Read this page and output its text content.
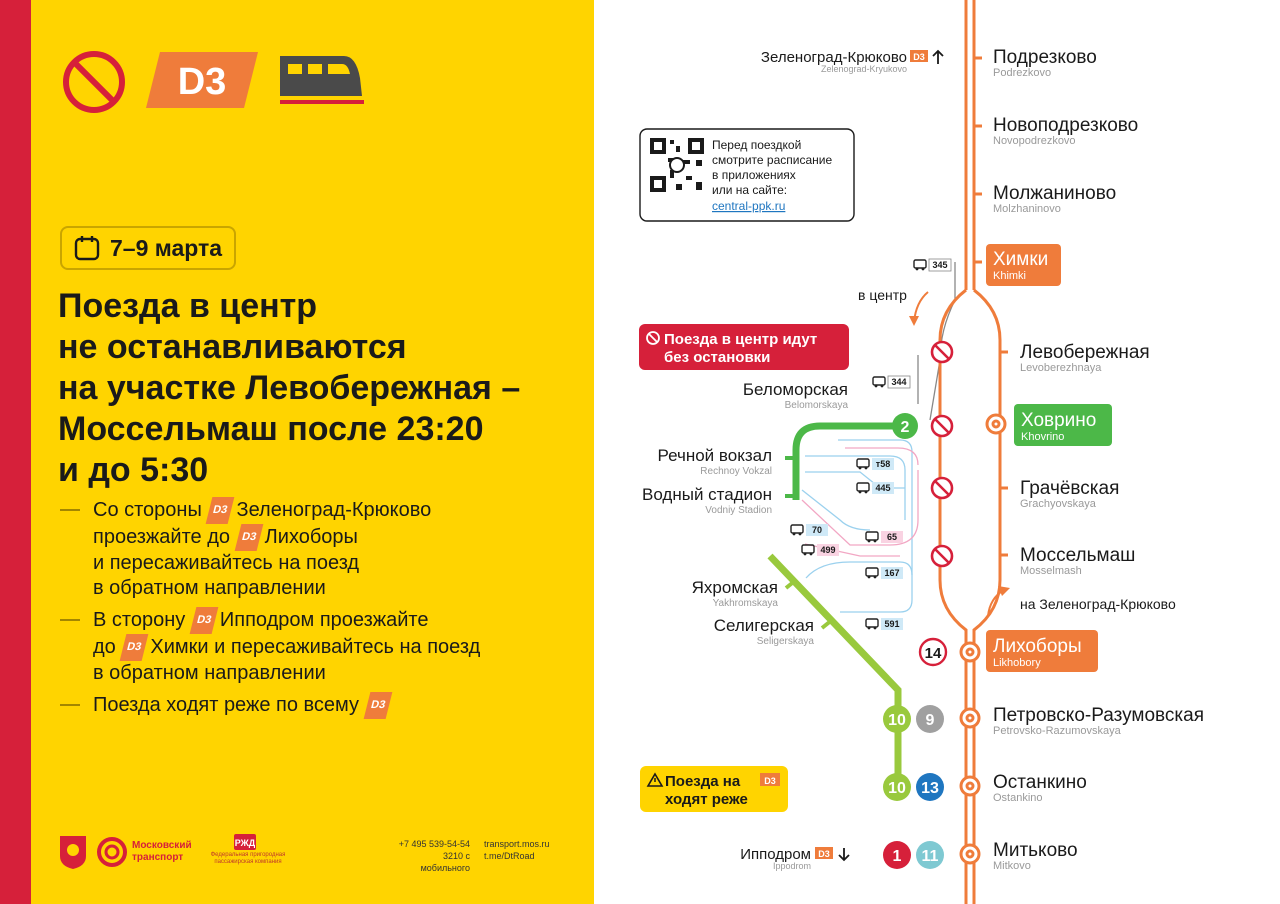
D3
7–9 марта
Поезда в центр
не останавливаются
на участке Левобережная –
Моссельмаш после 23:20
и до 5:30
Со стороны D3 Зеленоград-Крюково
проезжайте до D3 Лихоборы
и пересаживайтесь на поезд
в обратном направлении
В сторону D3 Ипподром проезжайте
до D3 Химки и пересаживайтесь на поезд
в обратном направлении
Поезда ходят реже по всему D3
Московский
транспорт
РЖД
Федеральная пригородная
пассажирская компания
+7 495 539-54-54
3210 с мобильного
transport.mos.ru
t.me/DtRoad
Подрезково
Podrezkovo
Новоподрезково
Novopodrezkovo
Молжаниново
Molzhaninovo
Химки
Khimki
Левобережная
Levoberezhnaya
Ховрино
Khovrino
Грачёвская
Grachyovskaya
Моссельмаш
Mosselmash
Лихоборы
Likhobory
Петровско-Разумовская
Petrovsko-Razumovskaya
Останкино
Ostankino
Митьково
Mitkovo
Зеленоград-Крюково D3
Zelenograd-Kryukovo
Ипподром D3
Ippodrom
Перед поездкой
смотрите расписание
в приложениях
или на сайте:
central-ppk.ru
Поезда в центр идут
без остановки
Поезда на	D3
ходят реже
в центр
на Зеленоград-Крюково
Беломорская
Belomorskaya
Речной вокзал
Rechnoy Vokzal
Водный стадион
Vodniy Stadion
Яхромская
Yakhromskaya
Селигерская
Seligerskaya
2
14
10 9
10 13
1 11
345
344
т58
445
70
65
499
167
591
